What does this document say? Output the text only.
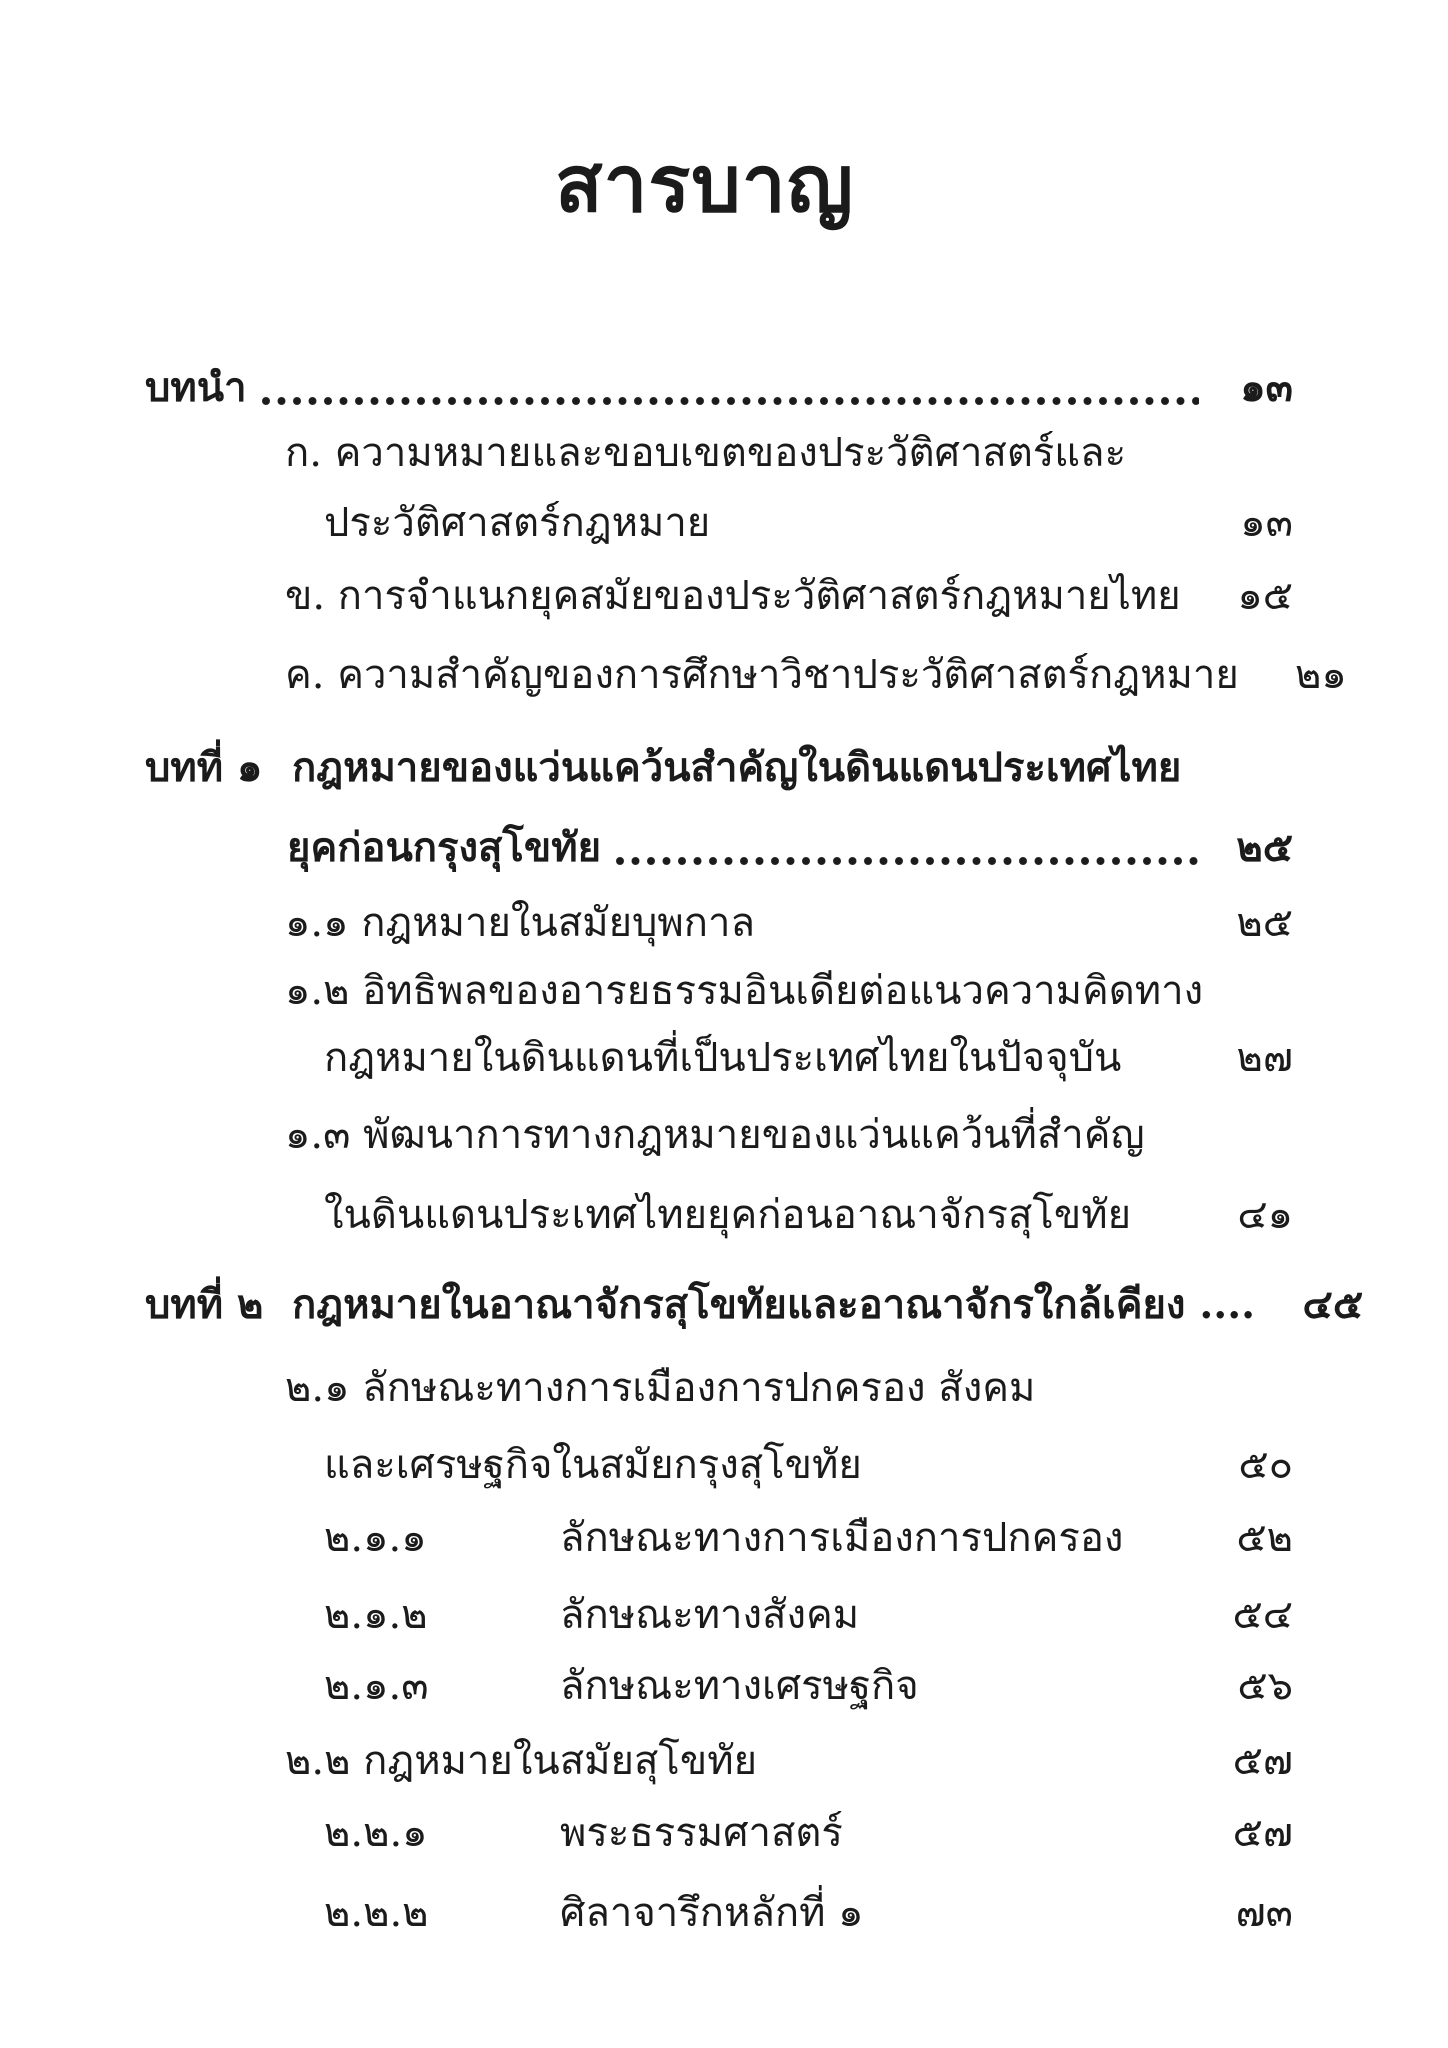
สารบาญ
บทนำ	๑๓
ก. ความหมายและขอบเขตของประวัติศาสตร์และ
ประวัติศาสตร์กฎหมาย	๑๓
ข. การจำแนกยุคสมัยของประวัติศาสตร์กฎหมายไทย	๑๕
ค. ความสำคัญของการศึกษาวิชาประวัติศาสตร์กฎหมาย	๒๑
บทที่ ๑ กฎหมายของแว่นแคว้นสำคัญในดินแดนประเทศไทย
ยุคก่อนกรุงสุโขทัย	๒๕
๑.๑ กฎหมายในสมัยบุพกาล	๒๕
๑.๒ อิทธิพลของอารยธรรมอินเดียต่อแนวความคิดทาง
กฎหมายในดินแดนที่เป็นประเทศไทยในปัจจุบัน	๒๗
๑.๓ พัฒนาการทางกฎหมายของแว่นแคว้นที่สำคัญ
ในดินแดนประเทศไทยยุคก่อนอาณาจักรสุโขทัย	๔๑
บทที่ ๒ กฎหมายในอาณาจักรสุโขทัยและอาณาจักรใกล้เคียง .... ๔๕
๒.๑ ลักษณะทางการเมืองการปกครอง สังคม
และเศรษฐกิจในสมัยกรุงสุโขทัย	๕๐
๒.๑.๑	ลักษณะทางการเมืองการปกครอง	๕๒
๒.๑.๒	ลักษณะทางสังคม	๕๔
๒.๑.๓	ลักษณะทางเศรษฐกิจ	๕๖
๒.๒ กฎหมายในสมัยสุโขทัย	๕๗
๒.๒.๑	พระธรรมศาสตร์	๕๗
๒.๒.๒	ศิลาจารึกหลักที่ ๑	๗๓
